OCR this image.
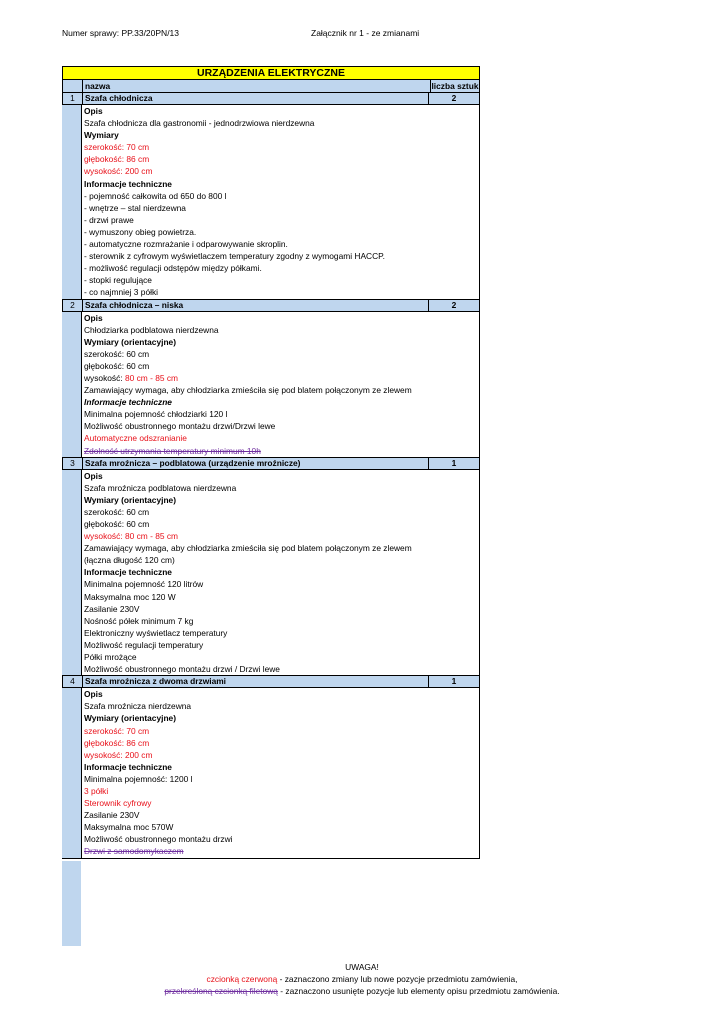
Numer sprawy: PP.33/20PN/13	Załącznik nr 1 - ze zmianami
URZĄDZENIA ELEKTRYCZNE
nazwa	liczba sztuk
1	Szafa chłodnicza	2
Opis
Szafa chłodnicza dla gastronomii - jednodrzwiowa nierdzewna
Wymiary
szerokość: 70 cm
głębokość: 86 cm
wysokość: 200 cm
Informacje techniczne
- pojemność całkowita od 650 do 800 l
- wnętrze – stal nierdzewna
- drzwi prawe
- wymuszony obieg powietrza.
- automatyczne rozmrażanie i odparowywanie skroplin.
- sterownik z cyfrowym wyświetlaczem temperatury zgodny z wymogami HACCP.
- możliwość regulacji odstępów między półkami.
- stopki regulujące
- co najmniej 3 półki
2	Szafa chłodnicza – niska	2
Opis
Chłodziarka podblatowa nierdzewna
Wymiary (orientacyjne)
szerokość: 60 cm
głębokość: 60 cm
wysokość: 80 cm - 85 cm
Zamawiający wymaga, aby chłodziarka zmieściła się pod blatem połączonym ze zlewem
Informacje techniczne
Minimalna pojemność chłodziarki 120 l
Możliwość obustronnego montażu drzwi/Drzwi lewe
Automatyczne odszranianie
Zdolność utrzymania temperatury minimum 10h
3	Szafa mroźnicza – podblatowa (urządzenie mroźnicze)	1
Opis
Szafa mroźnicza podblatowa nierdzewna
Wymiary (orientacyjne)
szerokość: 60 cm
głębokość: 60 cm
wysokość: 80 cm - 85 cm
Zamawiający wymaga, aby chłodziarka zmieściła się pod blatem połączonym ze zlewem
(łączna długość 120 cm)
Informacje techniczne
Minimalna pojemność 120 litrów
Maksymalna moc 120 W
Zasilanie 230V
Nośność półek minimum 7 kg
Elektroniczny wyświetlacz temperatury
Możliwość regulacji temperatury
Półki mrożące
Możliwość obustronnego montażu drzwi / Drzwi lewe
4	Szafa mroźnicza z dwoma drzwiami	1
Opis
Szafa mroźnicza nierdzewna
Wymiary (orientacyjne)
szerokość: 70 cm
głębokość: 86 cm
wysokość: 200 cm
Informacje techniczne
Minimalna pojemność: 1200 l
3 półki
Sterownik cyfrowy
Zasilanie 230V
Maksymalna moc 570W
Możliwość obustronnego montażu drzwi
Drzwi z samodomykaczem
UWAGA!
czcionką czerwoną - zaznaczono zmiany lub nowe pozycje przedmiotu zamówienia,
przekreśloną czcionką filetową - zaznaczono usunięte pozycje lub elementy opisu przedmiotu zamówienia.
